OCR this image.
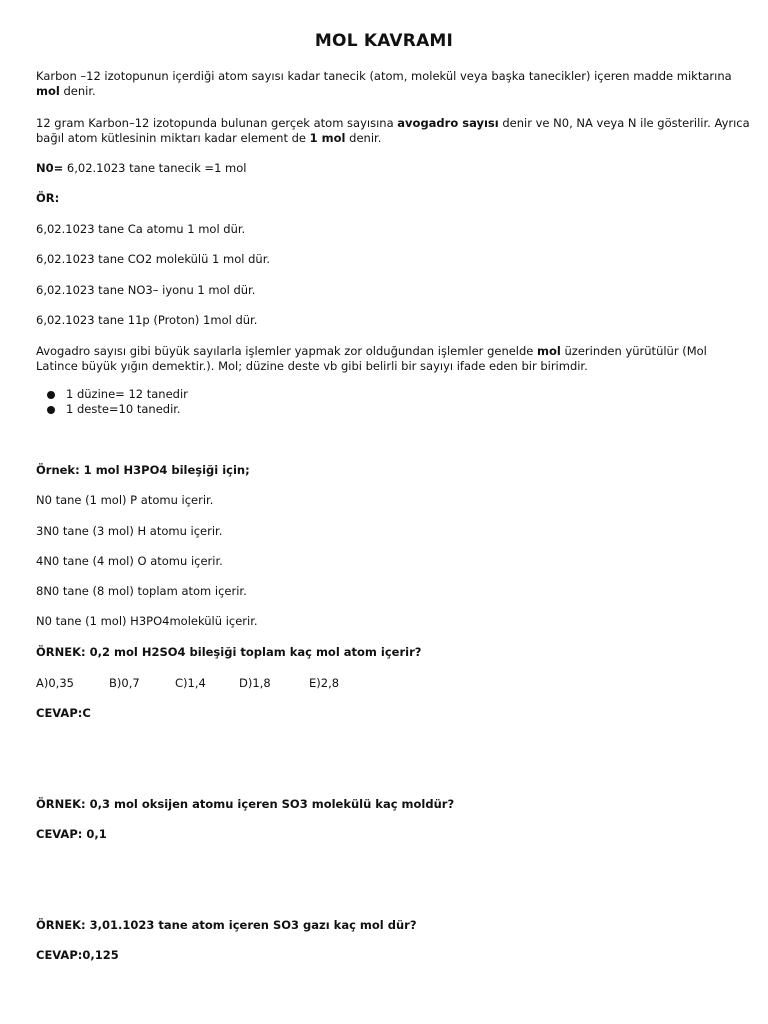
MOL KAVRAMI
Karbon –12 izotopunun içerdiği atom sayısı kadar tanecik (atom, molekül veya başka tanecikler) içeren madde miktarına
mol denir.
12 gram Karbon–12 izotopunda bulunan gerçek atom sayısına avogadro sayısı denir ve N0, NA veya N ile gösterilir. Ayrıca
bağıl atom kütlesinin miktarı kadar element de 1 mol denir.
N0= 6,02.1023 tane tanecik =1 mol
ÖR:
6,02.1023 tane Ca atomu 1 mol dür.
6,02.1023 tane CO2 molekülü 1 mol dür.
6,02.1023 tane NO3– iyonu 1 mol dür.
6,02.1023 tane 11p (Proton) 1mol dür.
Avogadro sayısı gibi büyük sayılarla işlemler yapmak zor olduğundan işlemler genelde mol üzerinden yürütülür (Mol
Latince büyük yığın demektir.). Mol; düzine deste vb gibi belirli bir sayıyı ifade eden bir birimdir.
1 düzine= 12 tanedir
1 deste=10 tanedir.
Örnek: 1 mol H3PO4 bileşiği için;
N0 tane (1 mol) P atomu içerir.
3N0 tane (3 mol) H atomu içerir.
4N0 tane (4 mol) O atomu içerir.
8N0 tane (8 mol) toplam atom içerir.
N0 tane (1 mol) H3PO4molekülü içerir.
ÖRNEK: 0,2 mol H2SO4 bileşiği toplam kaç mol atom içerir?
A)0,35	B)0,7	C)1,4	D)1,8	E)2,8
CEVAP:C
ÖRNEK: 0,3 mol oksijen atomu içeren SO3 molekülü kaç moldür?
CEVAP: 0,1
ÖRNEK: 3,01.1023 tane atom içeren SO3 gazı kaç mol dür?
CEVAP:0,125
